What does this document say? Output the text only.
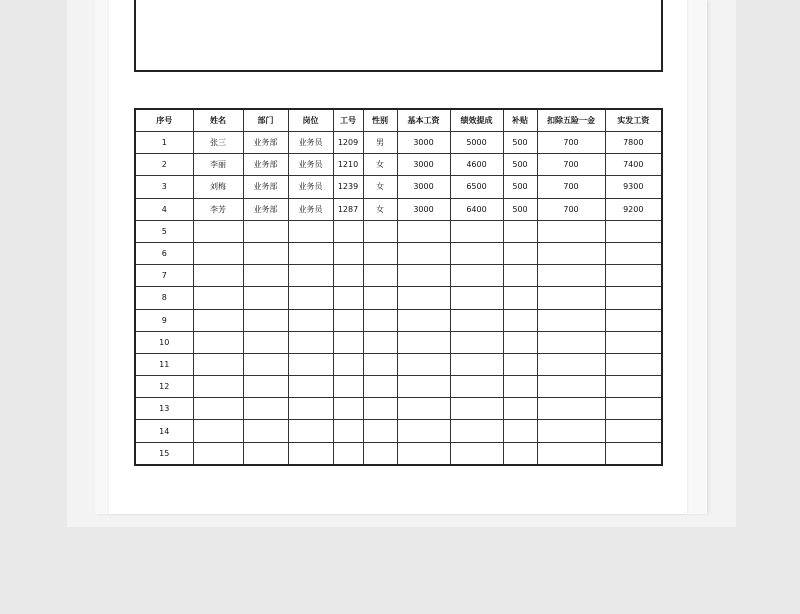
序号	姓名	部门	岗位	工号	性别	基本工资	绩效提成	补贴	扣除五险一金	实发工资
1	张三	业务部	业务员	1209	男	3000	5000	500	700	7800
2	李丽	业务部	业务员	1210	女	3000	4600	500	700	7400
3	刘梅	业务部	业务员	1239	女	3000	6500	500	700	9300
4	李芳	业务部	业务员	1287	女	3000	6400	500	700	9200
5										
6										
7										
8										
9										
10										
11										
12										
13										
14										
15										
